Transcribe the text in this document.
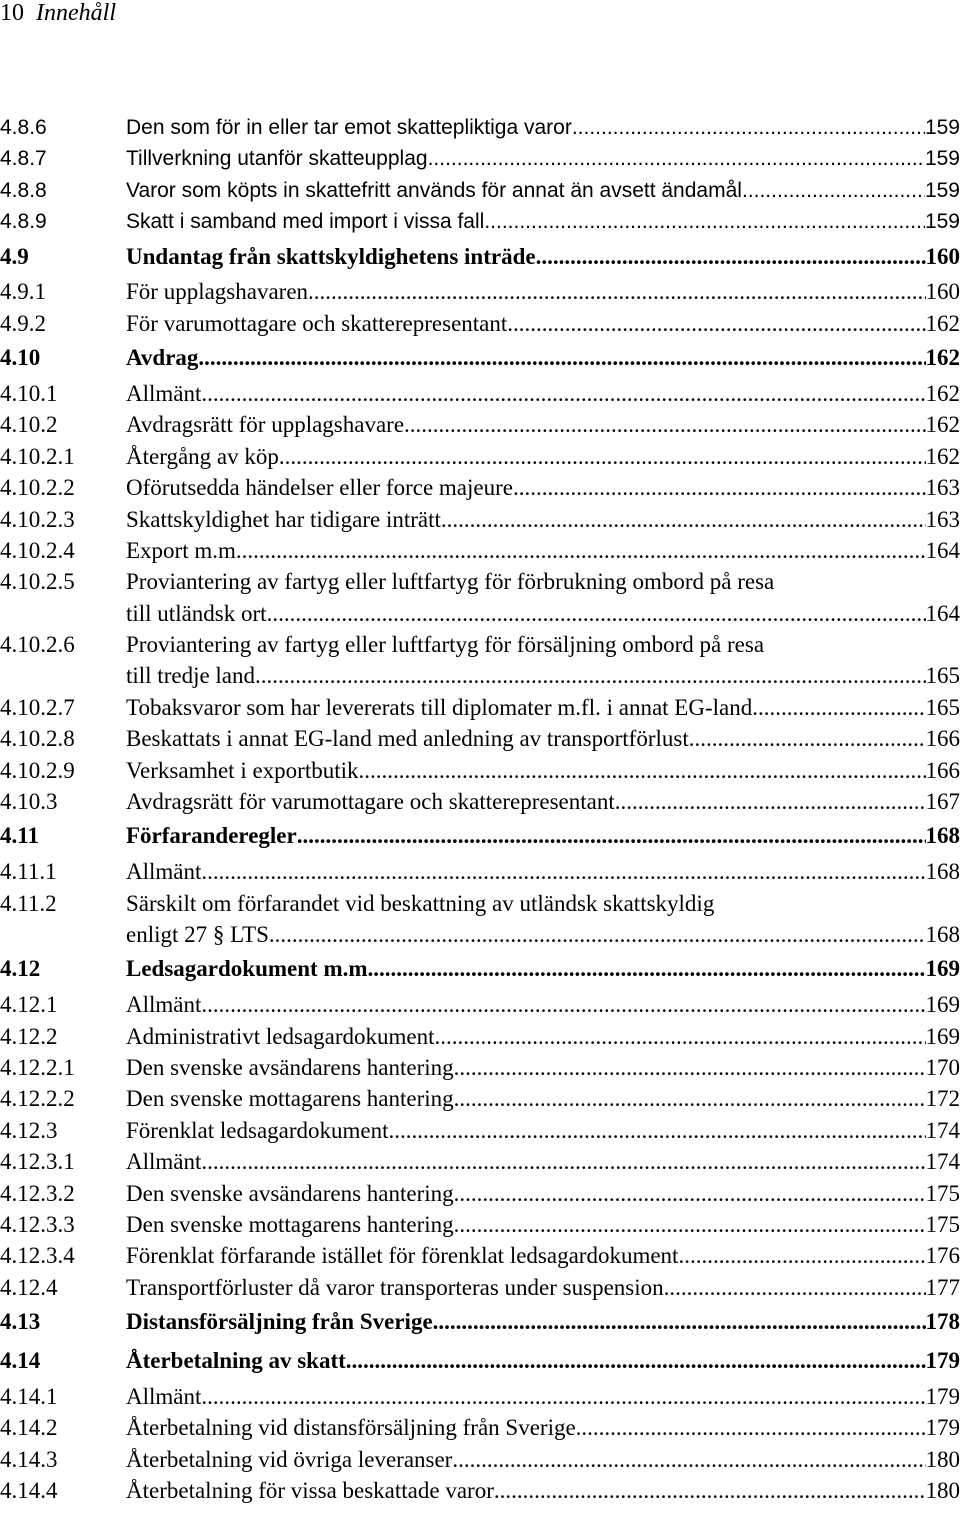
10 Innehåll
4.8.6	Den som för in eller tar emot skattepliktiga varor .....	159
4.8.7	Tillverkning utanför skatteupplag .....	159
4.8.8	Varor som köpts in skattefritt används för annat än avsett ändamål .....	159
4.8.9	Skatt i samband med import i vissa fall .....	159
4.9	Undantag från skattskyldighetens inträde .....	160
4.9.1	För upplagshavaren .....	160
4.9.2	För varumottagare och skatterepresentant .....	162
4.10	Avdrag .....	162
4.10.1	Allmänt .....	162
4.10.2	Avdragsrätt för upplagshavare .....	162
4.10.2.1 Återgång av köp .....	162
4.10.2.2 Oförutsedda händelser eller force majeure .....	163
4.10.2.3 Skattskyldighet har tidigare inträtt .....	163
4.10.2.4 Export m.m. .....	164
4.10.2.5 Proviantering av fartyg eller luftfartyg för förbrukning ombord på resa
till utländsk ort .....	164
4.10.2.6 Proviantering av fartyg eller luftfartyg för försäljning ombord på resa
till tredje land .....	165
4.10.2.7 Tobaksvaror som har levererats till diplomater m.fl. i annat EG-land .....	165
4.10.2.8 Beskattats i annat EG-land med anledning av transportförlust .....	166
4.10.2.9 Verksamhet i exportbutik .....	166
4.10.3	Avdragsrätt för varumottagare och skatterepresentant .....	167
4.11	Förfaranderegler .....	168
4.11.1	Allmänt .....	168
4.11.2	Särskilt om förfarandet vid beskattning av utländsk skattskyldig
enligt 27 § LTS .....	168
4.12	Ledsagardokument m.m. .....	169
4.12.1	Allmänt .....	169
4.12.2	Administrativt ledsagardokument .....	169
4.12.2.1 Den svenske avsändarens hantering .....	170
4.12.2.2 Den svenske mottagarens hantering .....	172
4.12.3	Förenklat ledsagardokument .....	174
4.12.3.1 Allmänt .....	174
4.12.3.2 Den svenske avsändarens hantering .....	175
4.12.3.3 Den svenske mottagarens hantering .....	175
4.12.3.4 Förenklat förfarande istället för förenklat ledsagardokument .....	176
4.12.4	Transportförluster då varor transporteras under suspension .....	177
4.13	Distansförsäljning från Sverige .....	178
4.14	Återbetalning av skatt .....	179
4.14.1	Allmänt .....	179
4.14.2	Återbetalning vid distansförsäljning från Sverige .....	179
4.14.3	Återbetalning vid övriga leveranser .....	180
4.14.4	Återbetalning för vissa beskattade varor .....	180
